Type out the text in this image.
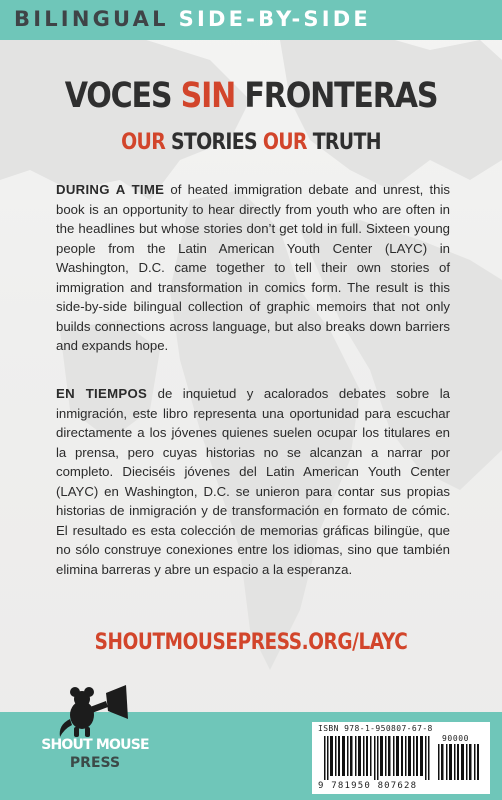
BILINGUAL SIDE-BY-SIDE
VOCES SIN FRONTERAS
OUR STORIES OUR TRUTH

DURING A TIME of heated immigration debate and unrest, this book is an opportunity to hear directly from youth who are often in the headlines but whose stories don’t get told in full. Sixteen young people from the Latin American Youth Center (LAYC) in Washington, D.C. came together to tell their own stories of immigration and transformation in comics form. The result is this side-by-side bilingual collection of graphic memoirs that not only builds connections across language, but also breaks down barriers and expands hope.

EN TIEMPOS de inquietud y acalorados debates sobre la inmigración, este libro representa una oportunidad para escuchar directamente a los jóvenes quienes suelen ocupar los titulares en la prensa, pero cuyas historias no se alcanzan a narrar por completo. Dieciséis jóvenes del Latin American Youth Center (LAYC) en Washington, D.C. se unieron para contar sus propias historias de inmigración y de transformación en formato de cómic. El resultado es esta colección de memorias gráficas bilingüe, que no sólo construye conexiones entre los idiomas, sino que también elimina barreras y abre un espacio a la esperanza.

SHOUTMOUSEPRESS.ORG/LAYC
SHOUT MOUSE
PRESS
ISBN 978-1-950807-67-8
90000
9 781950 807628
